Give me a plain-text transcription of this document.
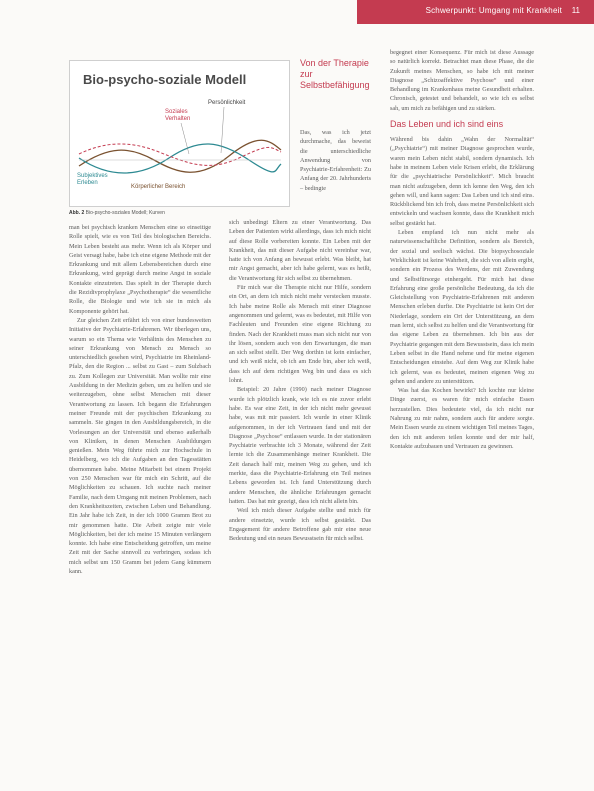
Schwerpunkt: Umgang mit Krankheit 11
Bio-psycho-soziale Modell
Persönlichkeit
Soziales
Verhalten
Subjektives
Erleben
Körperlicher Bereich
Abb. 2 Bio-psycho-soziales Modell; Kurven
Von der Therapie zur Selbstbefähigung
Das, was ich jetzt durchmache, das beweist die unterschiedliche Anwendung von Psychiatrie-Erfahrenheit: Zu Anfang der 20. Jahrhunderts – bedingte

man bei psychisch kranken Menschen eine so einseitige Rolle spielt, wie es von Teil des biologischen Bereichs. Mein Leben besteht aus mehr. Wenn ich als Körper und Geist versagt habe, habe ich eine eigene Methode mit der Erkrankung und mit allem Lebensbereichen durch eine Erkrankung, wird geprägt durch meine Angst in soziale Kontakte einzutreten. Das spielt in der Therapie durch die Rezidivprophylaxe „Psychotherapie“ die wesentliche Rolle, die Biologie und wie ich sie in mich als Komponente gehört hat.

Zur gleichen Zeit erfährt ich von einer bundesweiten Initiative der Psychiatrie-Erfahrenen. Wir überlegen uns, warum so ein Thema wie Verhältnis des Menschen zu seiner Erkrankung von Mensch zu Mensch so unterschiedlich gesehen wird, Psychiatrie im Rheinland-Pfalz, den die Region ... selbst zu Gast – zum Sulzbach zu. Zum Kollegen zur Universität. Man wollte mir eine Ausbildung in der Medizin geben, um zu helfen und sie weiterzugeben, ohne selbst Menschen mit dieser Verantwortung zu lassen. Ich begann die Erfahrungen meiner Freunde mit der psychischen Erkrankung zu sammeln. Sie gingen in den Ausbildungsbereich, in die Vorlesungen an der Universität und ebenso außerhalb von Kliniken, in denen Menschen Ausbildungen genießen. Mein Weg führte mich zur Hochschule in Heidelberg, wo ich die Aufgaben an den Tagesstätten übernommen habe. Meine Mitarbeit bei einem Projekt von 250 Menschen war für mich ein Schritt, auf die Möglichkeiten zu schauen. Ich suchte nach meiner Familie, nach dem Umgang mit meinen Problemen, nach den Krankheitszeiten, zwischen Leben und Behandlung. Ein Jahr habe ich Zeit, in der ich 1000 Gramm Brot zu mir genommen hatte. Die Arbeit zeigte mir viele Möglichkeiten, bei der ich meine 15 Minuten verlängern konnte. Ich habe eine Entscheidung getroffen, um meine Zeit mit der Sache sinnvoll zu verbringen, sodass ich mich selbst um 150 Gramm bei jedem Gang kümmern kann.

sich unbedingt Eltern zu einer Verantwortung. Das Leben der Patienten wirkt allerdings, dass ich mich nicht auf diese Rolle vorbereiten konnte. Ein Leben mit der Krankheit, das mit dieser Aufgabe nicht vereinbar war, hatte ich von Anfang an bewusst erlebt. Was bleibt, hat mir Angst gemacht, aber ich habe gelernt, was es heißt, die Verantwortung für sich selbst zu übernehmen.

Für mich war die Therapie nicht nur Hilfe, sondern ein Ort, an dem ich mich nicht mehr verstecken musste. Ich habe meine Rolle als Mensch mit einer Diagnose angenommen und gelernt, was es bedeutet, mit Hilfe von Fachleuten und Freunden eine eigene Richtung zu finden. Nach der Krankheit muss man sich nicht nur von ihr lösen, sondern auch von den Erwartungen, die man an sich selbst stellt. Der Weg dorthin ist kein einfacher, und ich weiß nicht, ob ich am Ende bin, aber ich weiß, dass ich auf dem richtigen Weg bin und dass es sich lohnt.

Beispiel: 20 Jahre (1990) nach meiner Diagnose wurde ich plötzlich krank, wie ich es nie zuvor erlebt habe. Es war eine Zeit, in der ich nicht mehr gewusst habe, was mit mir passiert. Ich wurde in einer Klinik aufgenommen, in der ich Vertrauen fand und mit der Diagnose „Psychose“ entlassen wurde. In der stationären Psychiatrie verbrachte ich 3 Monate, während der Zeit lernte ich die Zusammenhänge meiner Krankheit. Die Zeit danach half mir, meinen Weg zu gehen, und ich merkte, dass die Psychiatrie-Erfahrung ein Teil meines Lebens geworden ist. Ich fand Unterstützung durch andere Menschen, die ähnliche Erfahrungen gemacht hatten. Das hat mir gezeigt, dass ich nicht allein bin.

Weil ich mich dieser Aufgabe stellte und mich für andere einsetzte, wurde ich selbst gestärkt. Das Engagement für andere Betroffene gab mir eine neue Bedeutung und ein neues Bewusstsein für mich selbst.

begegnet einer Konsequenz. Für mich ist diese Aussage so natürlich korrekt. Betrachtet man diese Phase, die die Zukunft meines Menschen, so habe ich mit meiner Diagnose „Schizoaffektive Psychose“ und einer Behandlung im Krankenhaus meine Gesundheit erhalten. Chronisch, getestet und behandelt, so wie ich es selbst sah, um mich zu befähigen und zu stärken.

Das Leben und ich sind eins

Während bis dahin „Wahn der Normalität“ („Psychiatrie“) mit meiner Diagnose gesprochen wurde, waren mein Leben nicht stabil, sondern dynamisch. Ich habe in meinem Leben viele Krisen erlebt, die Erklärung für die „psychiatrische Persönlichkeit“. Mich braucht man nicht aufzugeben, denn ich kenne den Weg, den ich gehen will, und kann sagen: Das Leben und ich sind eins. Rückblickend bin ich froh, dass meine Persönlichkeit sich entwickeln und wachsen konnte, dass die Krankheit mich selbst gestärkt hat.

Leben empfand ich nun nicht mehr als naturwissenschaftliche Definition, sondern als Bereich, der sozial und seelisch wächst. Die biopsychosoziale Wirklichkeit ist keine Wahrheit, die sich von allein ergibt, sondern ein Prozess des Werdens, der mit Zuwendung und Selbstfürsorge einhergeht. Für mich hat diese Erfahrung eine große persönliche Bedeutung, da ich die Gleichstellung von Psychiatrie-Erfahrenen mit anderen Menschen erleben durfte. Die Psychiatrie ist kein Ort der Niederlage, sondern ein Ort der Unterstützung, an dem man lernt, sich selbst zu helfen und die Verantwortung für das eigene Leben zu übernehmen. Ich bin aus der Psychiatrie gegangen mit dem Bewusstsein, dass ich mein Leben selbst in die Hand nehme und für meine eigenen Entscheidungen einstehe. Auf dem Weg zur Klinik habe ich gelernt, was es bedeutet, meinen eigenen Weg zu gehen und andere zu unterstützen.

Was hat das Kochen bewirkt? Ich kochte nur kleine Dinge zuerst, es waren für mich einfache Essen herzustellen. Dies bedeutete viel, da ich nicht nur Nahrung zu mir nahm, sondern auch für andere sorgte. Mein Essen wurde zu einem wichtigen Teil meines Tages, den ich mit anderen teilen konnte und der mir half, Kontakte aufzubauen und Vertrauen zu gewinnen.
